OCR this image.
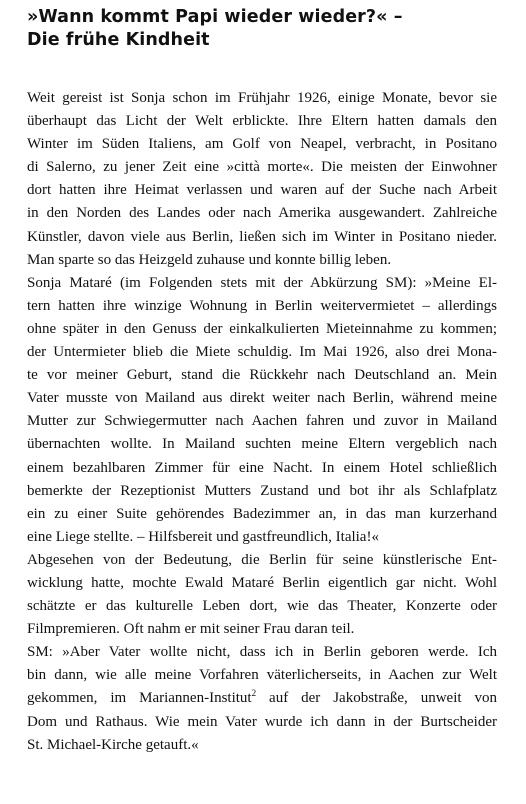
»Wann kommt Papi wieder wieder?« –
Die frühe Kindheit
Weit gereist ist Sonja schon im Frühjahr 1926, einige Monate, bevor sie
überhaupt das Licht der Welt erblickte. Ihre Eltern hatten damals den
Winter im Süden Italiens, am Golf von Neapel, verbracht, in Positano
di Salerno, zu jener Zeit eine »città morte«. Die meisten der Einwohner
dort hatten ihre Heimat verlassen und waren auf der Suche nach Arbeit
in den Norden des Landes oder nach Amerika ausgewandert. Zahlreiche
Künstler, davon viele aus Berlin, ließen sich im Winter in Positano nieder.
Man sparte so das Heizgeld zuhause und konnte billig leben.
Sonja Mataré (im Folgenden stets mit der Abkürzung SM): »Meine El-
tern hatten ihre winzige Wohnung in Berlin weitervermietet – allerdings
ohne später in den Genuss der einkalkulierten Mieteinnahme zu kommen;
der Untermieter blieb die Miete schuldig. Im Mai 1926, also drei Mona-
te vor meiner Geburt, stand die Rückkehr nach Deutschland an. Mein
Vater musste von Mailand aus direkt weiter nach Berlin, während meine
Mutter zur Schwiegermutter nach Aachen fahren und zuvor in Mailand
übernachten wollte. In Mailand suchten meine Eltern vergeblich nach
einem bezahlbaren Zimmer für eine Nacht. In einem Hotel schließlich
bemerkte der Rezeptionist Mutters Zustand und bot ihr als Schlafplatz
ein zu einer Suite gehörendes Badezimmer an, in das man kurzerhand
eine Liege stellte. – Hilfsbereit und gastfreundlich, Italia!«
Abgesehen von der Bedeutung, die Berlin für seine künstlerische Ent-
wicklung hatte, mochte Ewald Mataré Berlin eigentlich gar nicht. Wohl
schätzte er das kulturelle Leben dort, wie das Theater, Konzerte oder
Filmpremieren. Oft nahm er mit seiner Frau daran teil.
SM: »Aber Vater wollte nicht, dass ich in Berlin geboren werde. Ich
bin dann, wie alle meine Vorfahren väterlicherseits, in Aachen zur Welt
gekommen, im Mariannen-Institut$^2$ auf der Jakobstraße, unweit von
Dom und Rathaus. Wie mein Vater wurde ich dann in der Burtscheider
St. Michael-Kirche getauft.«
